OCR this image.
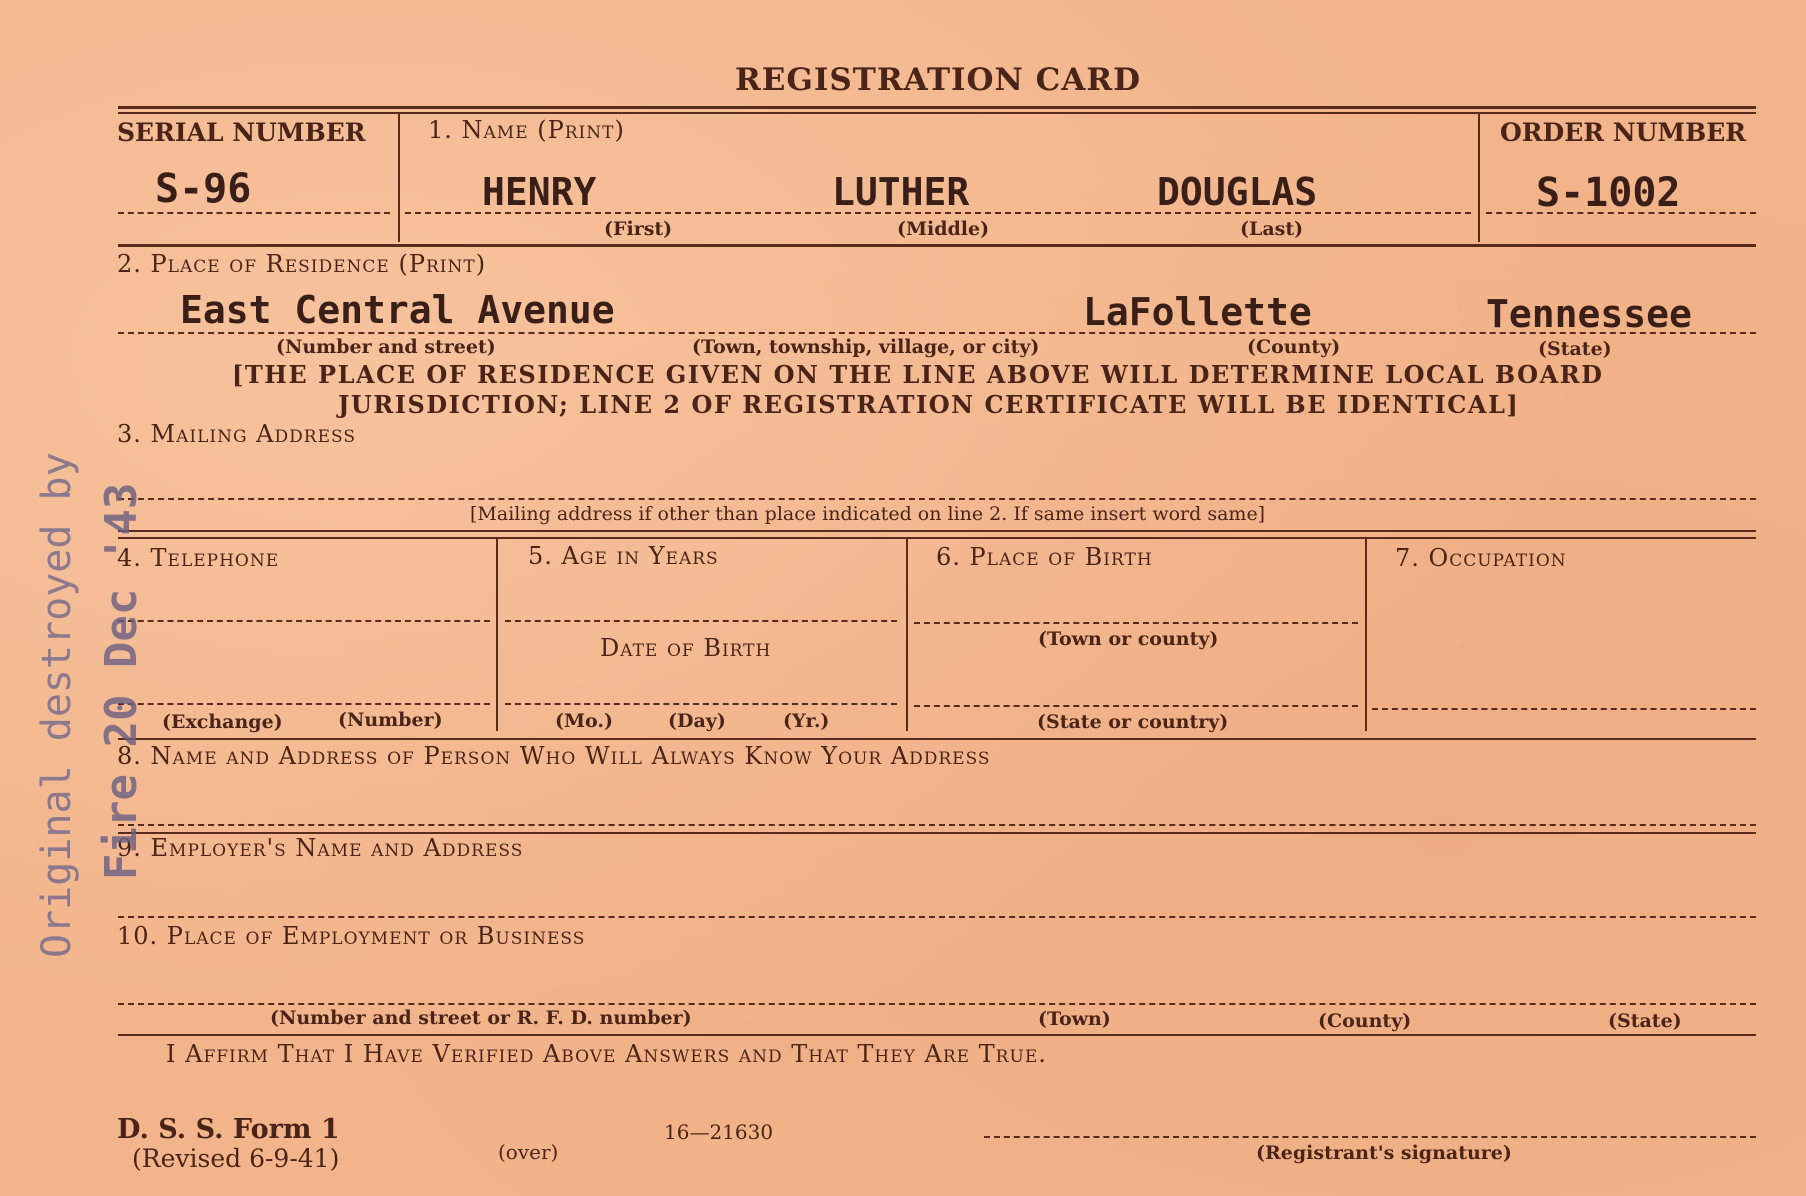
REGISTRATION CARD
SERIAL NUMBER
S-96
1. Name (Print)
HENRY	LUTHER	DOUGLAS
(First)	(Middle)	(Last)
ORDER NUMBER
S-1002
2. Place of Residence (Print)
East Central Avenue	LaFollette	Tennessee
(Number and street)	(Town, township, village, or city)	(County)	(State)
[THE PLACE OF RESIDENCE GIVEN ON THE LINE ABOVE WILL DETERMINE LOCAL BOARD
JURISDICTION; LINE 2 OF REGISTRATION CERTIFICATE WILL BE IDENTICAL]
3. Mailing Address
[Mailing address if other than place indicated on line 2. If same insert word same]
4. Telephone
(Exchange)	(Number)
5. Age in Years
Date of Birth
(Mo.)	(Day)	(Yr.)
6. Place of Birth
(Town or county)
(State or country)
7. Occupation
8. Name and Address of Person Who Will Always Know Your Address
9. Employer's Name and Address
10. Place of Employment or Business
(Number and street or R. F. D. number)	(Town)	(County)	(State)
I Affirm That I Have Verified Above Answers and That They Are True.
D. S. S. Form 1
(Revised 6-9-41)	(over)
16—21630
(Registrant's signature)
Original destroyed by Fire 20 Dec '43
